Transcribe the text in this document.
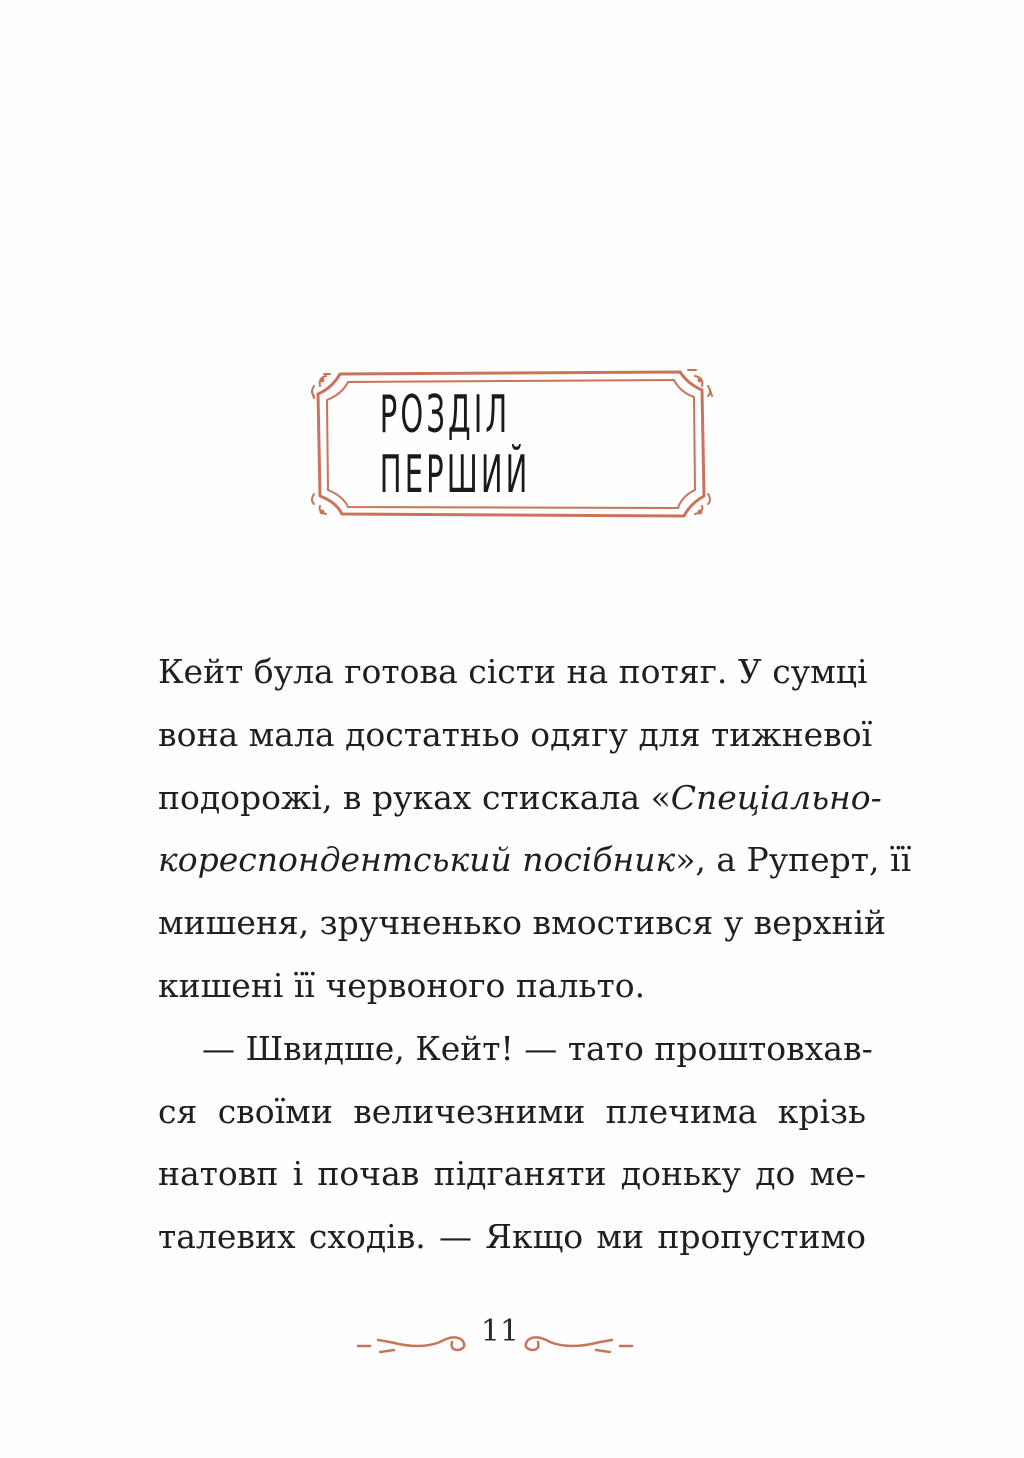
РОЗДІЛ ПЕРШИЙ
Кейт була готова сісти на потяг. У сумці
вона мала достатньо одягу для тижневої
подорожі, в руках стискала «Спеціально-
кореспондентський посібник», а Руперт, її
мишеня, зручненько вмостився у верхній
кишені її червоного пальто.
— Швидше, Кейт! — тато проштовхав-
ся своїми величезними плечима крізь
натовп і почав підганяти доньку до ме-
талевих сходів. — Якщо ми пропустимо
11
